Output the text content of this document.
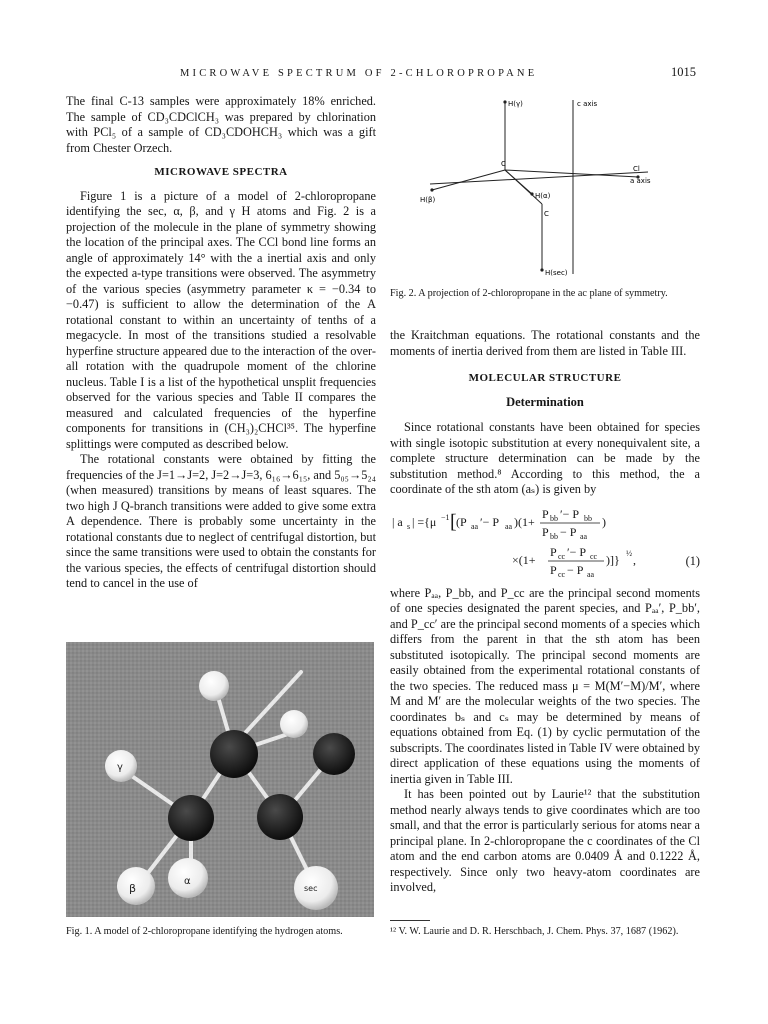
MICROWAVE SPECTRUM OF 2-CHLOROPROPANE	1015

The final C-13 samples were approximately 18% enriched. The sample of CD₃CDClCH₃ was prepared by chlorination with PCl₅ of a sample of CD₃CDOHCH₃ which was a gift from Chester Orzech.

MICROWAVE SPECTRA

Figure 1 is a picture of a model of 2-chloropropane identifying the sec, α, β, and γ H atoms and Fig. 2 is a projection of the molecule in the plane of symmetry showing the location of the principal axes. The CCl bond line forms an angle of approximately 14° with the a inertial axis and only the expected a-type transitions were observed. The asymmetry of the various species (asymmetry parameter κ = −0.34 to −0.47) is sufficient to allow the determination of the A rotational constant to within an uncertainty of tenths of a megacycle. In most of the transitions studied a resolvable hyperfine structure appeared due to the interaction of the over-all rotation with the quadrupole moment of the chlorine nucleus. Table I is a list of the hypothetical unsplit frequencies observed for the various species and Table II compares the measured and calculated frequencies of the hyperfine components for transitions in (CH₃)₂CHCl³⁵. The hyperfine splittings were computed as described below.

The rotational constants were obtained by fitting the frequencies of the J=1→J=2, J=2→J=3, 6₁₆→6₁₅, and 5₀₅→5₂₄ (when measured) transitions by means of least squares. The two high J Q-branch transitions were added to give some extra A dependence. There is probably some uncertainty in the rotational constants due to neglect of centrifugal distortion, but since the same transitions were used to obtain the constants for the various species, the effects of centrifugal distortion should tend to cancel in the use of

γ
β
α
sec
Fig. 1. A model of 2-chloropropane identifying the hydrogen atoms.
H(γ)	c axis
C
Cl
a axis
H(α)
H(β)
C
H(sec)
Fig. 2. A projection of 2-chloropropane in the ac plane of symmetry.

the Kraitchman equations. The rotational constants and the moments of inertia derived from them are listed in Table III.

MOLECULAR STRUCTURE
Determination

Since rotational constants have been obtained for species with single isotopic substitution at every nonequivalent site, a complete structure determination can be made by the substitution method.⁸ According to this method, the a coordinate of the sth atom (aₛ) is given by

| a s | ={μ −1 [ (P aa ′− P aa )(1+
P bb ′− P bb
P bb − P aa
)
×(1+
P cc ′− P cc
P cc − P aa
)]} ½ ,	(1)

where Pₐₐ, P_bb, and P_cc are the principal second moments of one species designated the parent species, and Pₐₐ′, P_bb′, and P_cc′ are the principal second moments of a species which differs from the parent in that the sth atom has been substituted isotopically. The principal second moments are easily obtained from the experimental rotational constants of the two species. The reduced mass μ = M(M′−M)/M′, where M and M′ are the molecular weights of the two species. The coordinates bₛ and cₛ may be determined by means of equations obtained from Eq. (1) by cyclic permutation of the subscripts. The coordinates listed in Table IV were obtained by direct application of these equations using the moments of inertia given in Table III.

It has been pointed out by Laurie¹² that the substitution method nearly always tends to give coordinates which are too small, and that the error is particularly serious for atoms near a principal plane. In 2-chloropropane the c coordinates of the Cl atom and the end carbon atoms are 0.0409 Å and 0.1222 Å, respectively. Since only two heavy-atom coordinates are involved,

¹² V. W. Laurie and D. R. Herschbach, J. Chem. Phys. 37, 1687 (1962).
